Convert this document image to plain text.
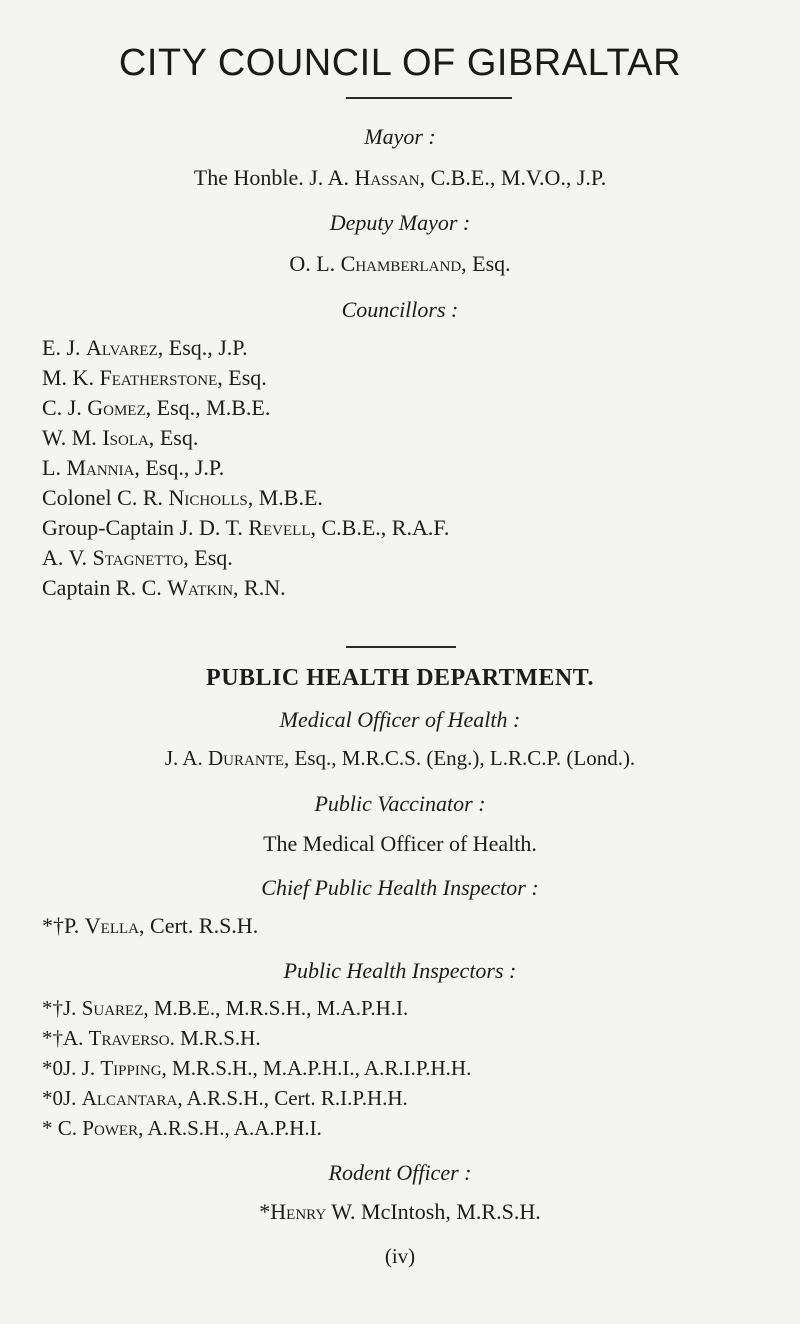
CITY COUNCIL OF GIBRALTAR
Mayor :
The Honble. J. A. Hassan, C.B.E., M.V.O., J.P.
Deputy Mayor :
O. L. Chamberland, Esq.
Councillors :
E. J. Alvarez, Esq., J.P.
M. K. Featherstone, Esq.
C. J. Gomez, Esq., M.B.E.
W. M. Isola, Esq.
L. Mannia, Esq., J.P.
Colonel C. R. Nicholls, M.B.E.
Group-Captain J. D. T. Revell, C.B.E., R.A.F.
A. V. Stagnetto, Esq.
Captain R. C. Watkin, R.N.
PUBLIC HEALTH DEPARTMENT.
Medical Officer of Health :
J. A. Durante, Esq., M.R.C.S. (Eng.), L.R.C.P. (Lond.).
Public Vaccinator :
The Medical Officer of Health.
Chief Public Health Inspector :
*†P. Vella, Cert. R.S.H.
Public Health Inspectors :
*†J. Suarez, M.B.E., M.R.S.H., M.A.P.H.I.
*†A. Traverso. M.R.S.H.
*0J. J. Tipping, M.R.S.H., M.A.P.H.I., A.R.I.P.H.H.
*0J. Alcantara, A.R.S.H., Cert. R.I.P.H.H.
* C. Power, A.R.S.H., A.A.P.H.I.
Rodent Officer :
*Henry W. McIntosh, M.R.S.H.
(iv)
